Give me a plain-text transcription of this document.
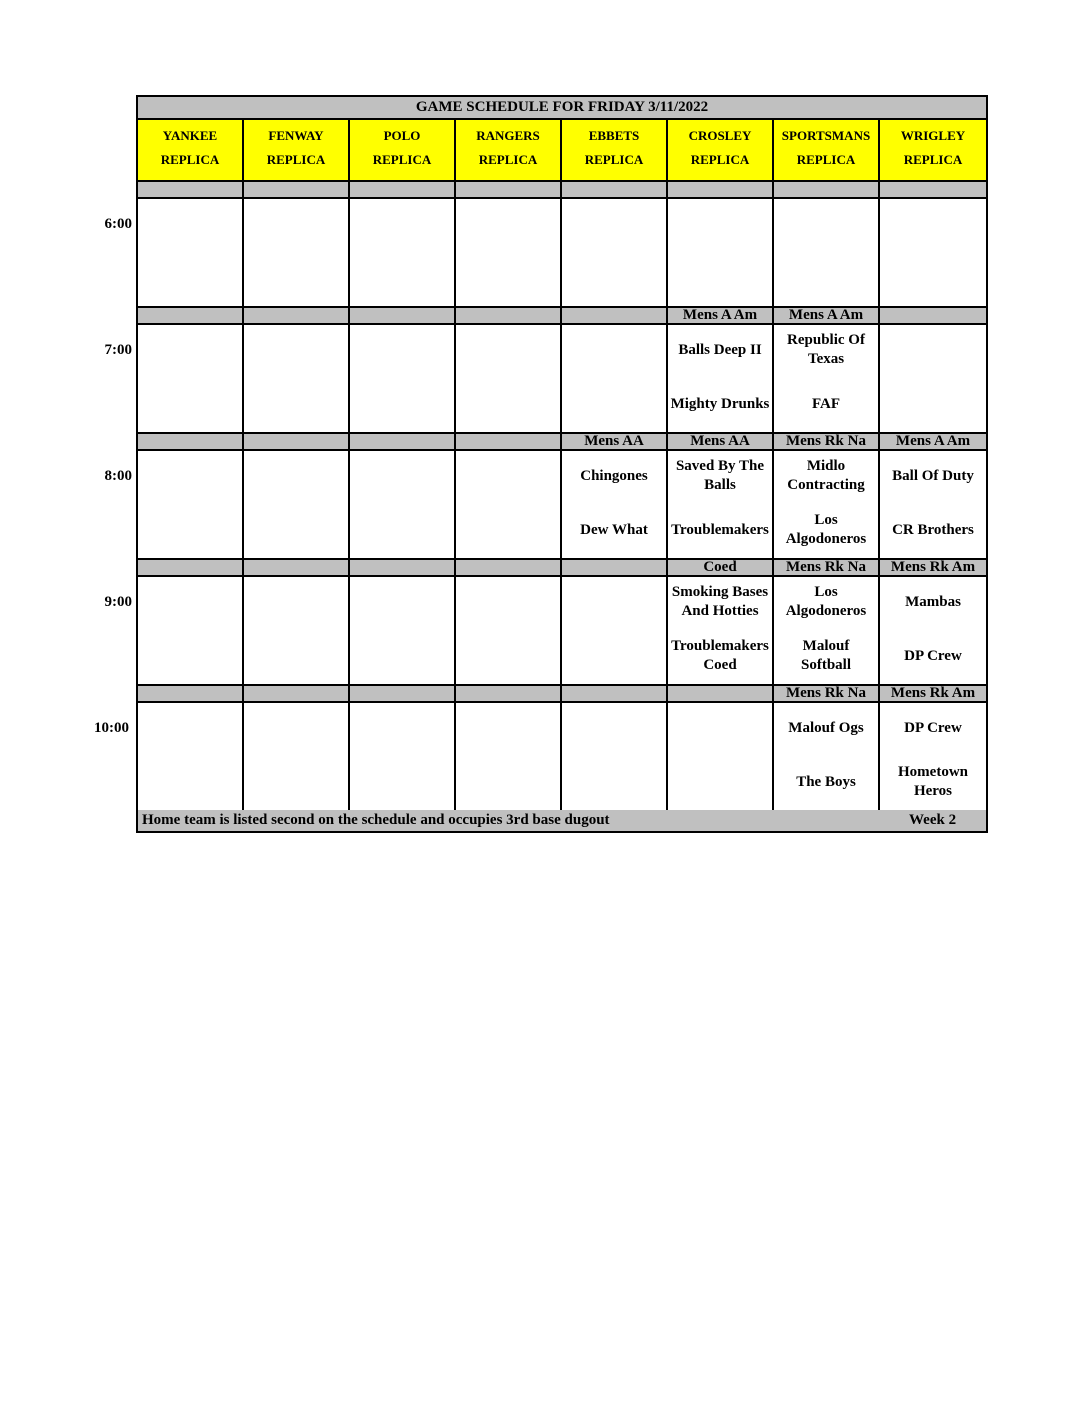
6:00
7:00
8:00
9:00
10:00
GAME SCHEDULE FOR FRIDAY 3/11/2022
YANKEE
REPLICA
FENWAY
REPLICA
POLO
REPLICA
RANGERS
REPLICA
EBBETS
REPLICA
CROSLEY
REPLICA
SPORTSMANS
REPLICA
WRIGLEY
REPLICA
Mens A Am
Balls Deep II
Mighty Drunks
Mens A Am
Republic Of Texas
FAF
Mens AA
Chingones
Dew What
Mens AA
Saved By The Balls
Troublemakers
Mens Rk Na
Midlo Contracting
Los Algodoneros
Mens A Am
Ball Of Duty
CR Brothers
Coed
Smoking Bases And Hotties
Troublemakers Coed
Mens Rk Na
Los Algodoneros
Malouf Softball
Mens Rk Am
Mambas
DP Crew
Mens Rk Na
Malouf Ogs
The Boys
Mens Rk Am
DP Crew
Hometown Heros
Home team is listed second on the schedule and occupies 3rd base dugout	Week 2
